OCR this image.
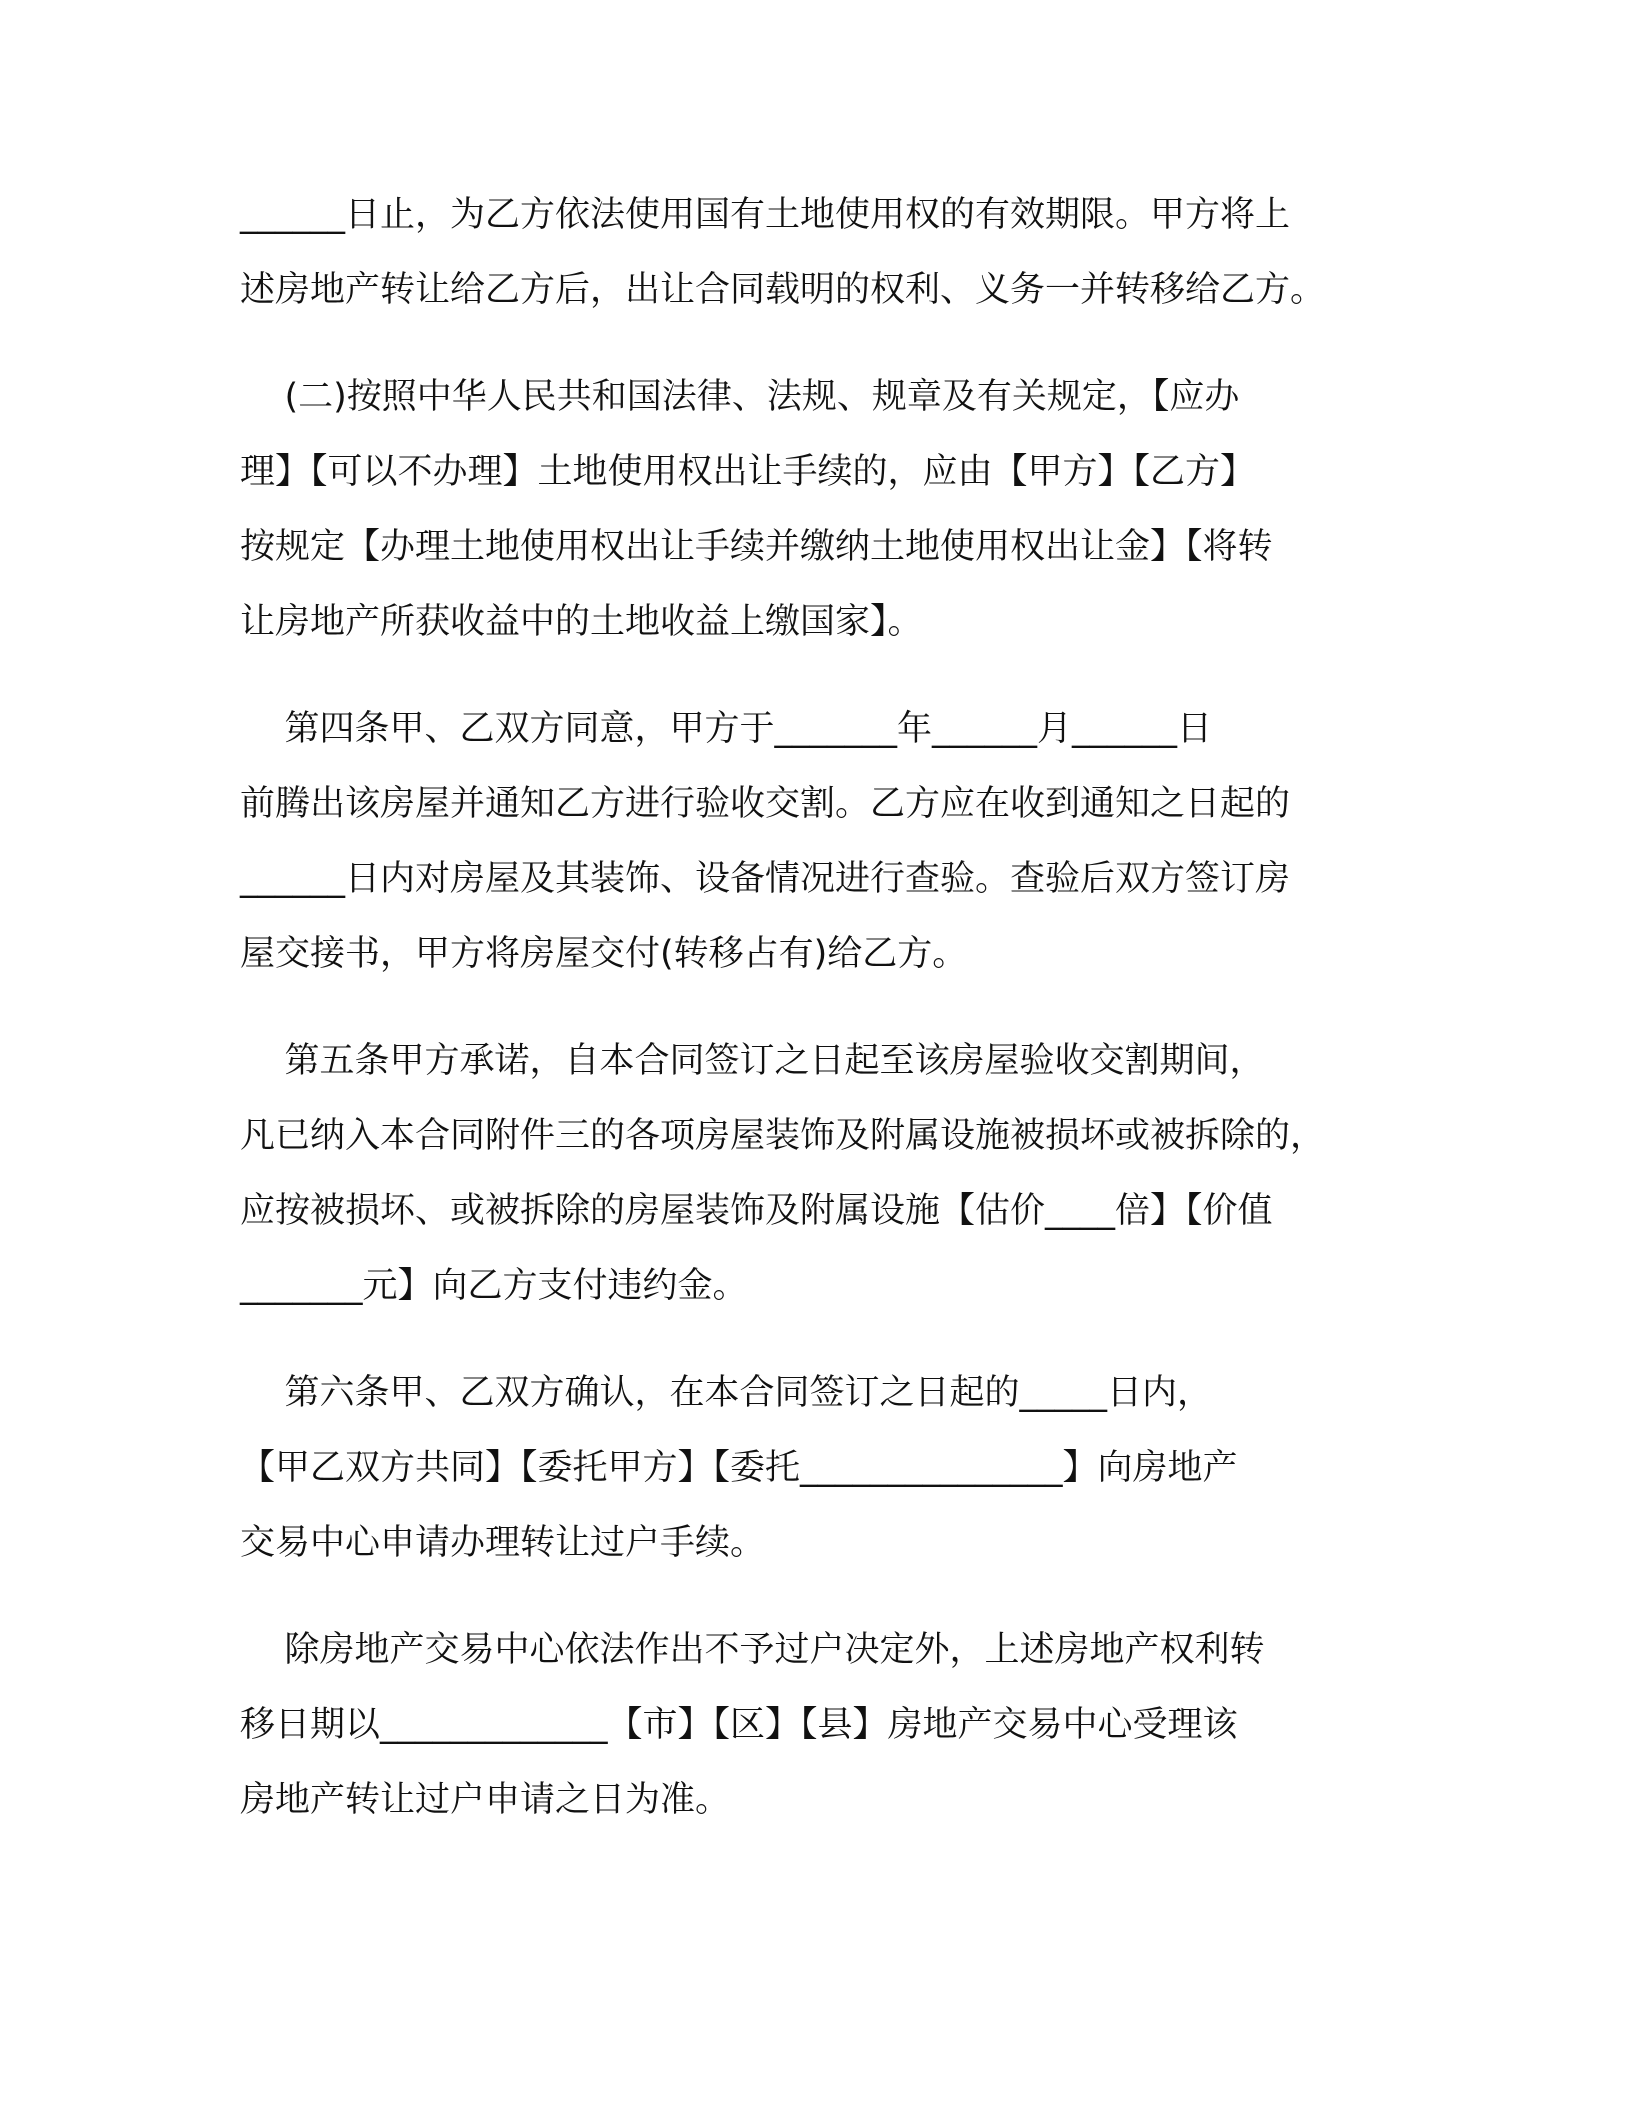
______日止，为乙方依法使用国有土地使用权的有效期限。甲方将上
述房地产转让给乙方后，出让合同载明的权利、义务一并转移给乙方。
(二)按照中华人民共和国法律、法规、规章及有关规定，【应办
理】【可以不办理】土地使用权出让手续的，应由【甲方】【乙方】
按规定【办理土地使用权出让手续并缴纳土地使用权出让金】【将转
让房地产所获收益中的土地收益上缴国家】。
第四条甲、乙双方同意，甲方于_______年______月______日
前腾出该房屋并通知乙方进行验收交割。乙方应在收到通知之日起的
______日内对房屋及其装饰、设备情况进行查验。查验后双方签订房
屋交接书，甲方将房屋交付(转移占有)给乙方。
第五条甲方承诺，自本合同签订之日起至该房屋验收交割期间，
凡已纳入本合同附件三的各项房屋装饰及附属设施被损坏或被拆除的，
应按被损坏、或被拆除的房屋装饰及附属设施【估价____倍】【价值
_______元】向乙方支付违约金。
第六条甲、乙双方确认，在本合同签订之日起的_____日内，
【甲乙双方共同】【委托甲方】【委托_______________】向房地产
交易中心申请办理转让过户手续。
除房地产交易中心依法作出不予过户决定外，上述房地产权利转
移日期以_____________【市】【区】【县】房地产交易中心受理该
房地产转让过户申请之日为准。
